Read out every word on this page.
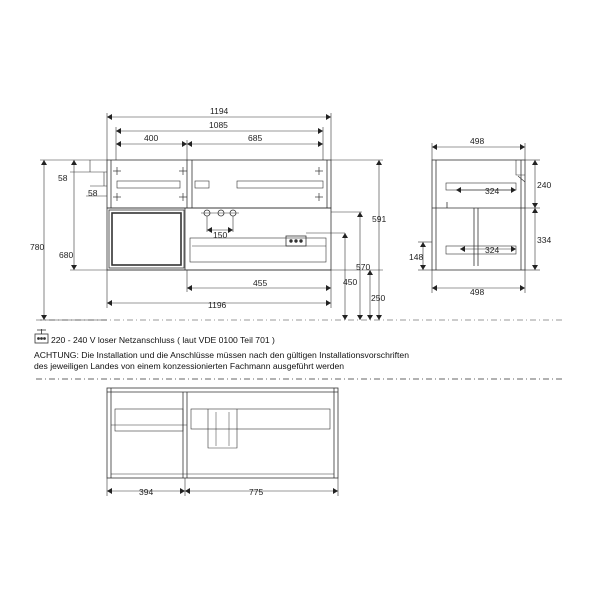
1194
1085
400	685
58
58
780
680
150
455	450
570
591
250
1196
498
324
324
240
334
148
498
394	775
220 - 240 V loser Netzanschluss ( laut VDE 0100 Teil 701 )
ACHTUNG: Die Installation und die Anschlüsse müssen nach den gültigen Installationsvorschriften
des jeweiligen Landes von einem konzessionierten Fachmann ausgeführt werden
